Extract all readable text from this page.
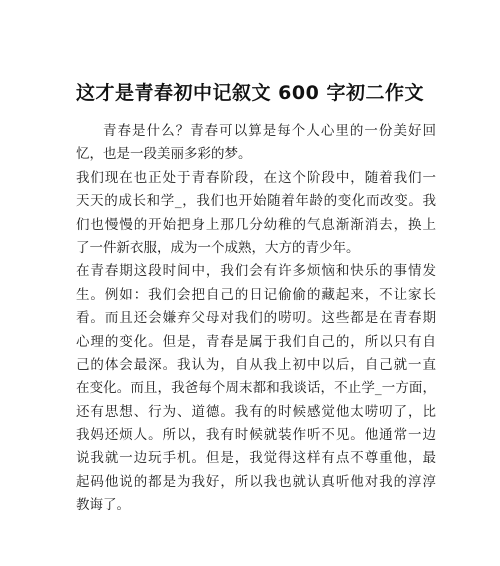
这才是青春初中记叙文 600 字初二作文
青春是什么？青春可以算是每个人心里的一份美好回
忆，也是一段美丽多彩的梦。
我们现在也正处于青春阶段，在这个阶段中，随着我们一
天天的成长和学_，我们也开始随着年龄的变化而改变。我
们也慢慢的开始把身上那几分幼稚的气息渐渐消去，换上
了一件新衣服，成为一个成熟，大方的青少年。
在青春期这段时间中，我们会有许多烦恼和快乐的事情发
生。例如：我们会把自己的日记偷偷的藏起来，不让家长
看。而且还会嫌弃父母对我们的唠叨。这些都是在青春期
心理的变化。但是，青春是属于我们自己的，所以只有自
己的体会最深。我认为，自从我上初中以后，自己就一直
在变化。而且，我爸每个周末都和我谈话，不止学_一方面，
还有思想、行为、道德。我有的时候感觉他太唠叨了，比
我妈还烦人。所以，我有时候就装作听不见。他通常一边
说我就一边玩手机。但是，我觉得这样有点不尊重他，最
起码他说的都是为我好，所以我也就认真听他对我的淳淳
教诲了。
